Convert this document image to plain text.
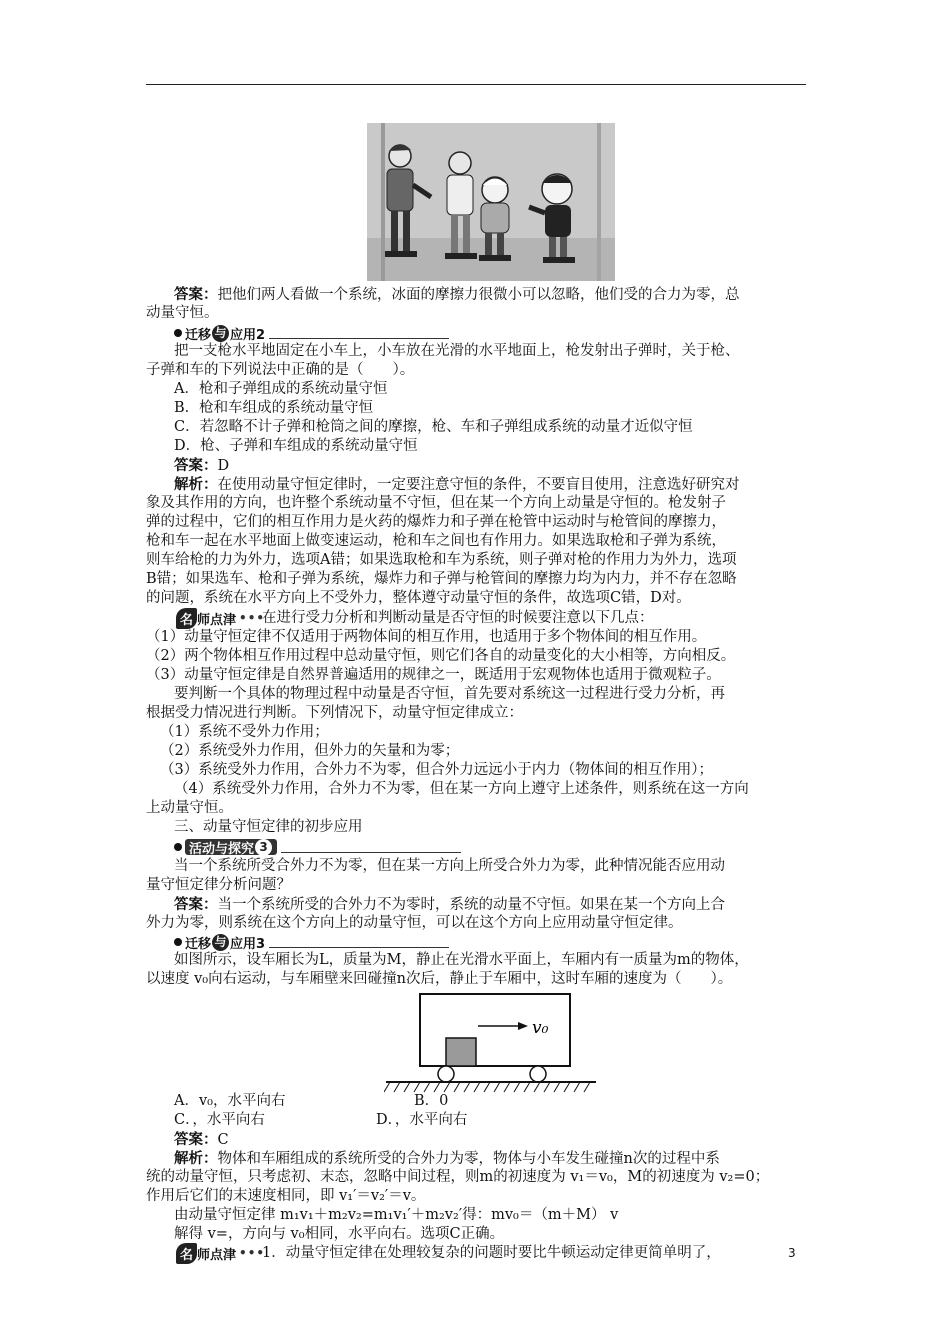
答案：把他们两人看做一个系统，冰面的摩擦力很微小可以忽略，他们受的合力为零，总
动量守恒。
迁移 与 应用2
把一支枪水平地固定在小车上，小车放在光滑的水平地面上，枪发射出子弹时，关于枪、
子弹和车的下列说法中正确的是（　　）。
A．枪和子弹组成的系统动量守恒
B．枪和车组成的系统动量守恒
C．若忽略不计子弹和枪筒之间的摩擦，枪、车和子弹组成系统的动量才近似守恒
D．枪、子弹和车组成的系统动量守恒
答案：D
解析：在使用动量守恒定律时，一定要注意守恒的条件，不要盲目使用，注意选好研究对
象及其作用的方向，也许整个系统动量不守恒，但在某一个方向上动量是守恒的。枪发射子
弹的过程中，它们的相互作用力是火药的爆炸力和子弹在枪管中运动时与枪管间的摩擦力，
枪和车一起在水平地面上做变速运动，枪和车之间也有作用力。如果选取枪和子弹为系统，
则车给枪的力为外力，选项A错；如果选取枪和车为系统，则子弹对枪的作用力为外力，选项
B错；如果选车、枪和子弹为系统，爆炸力和子弹与枪管间的摩擦力均为内力，并不存在忽略
的问题，系统在水平方向上不受外力，整体遵守动量守恒的条件，故选项C错，D对。
名 师点津 •••
在进行受力分析和判断动量是否守恒的时候要注意以下几点：
（1）动量守恒定律不仅适用于两物体间的相互作用，也适用于多个物体间的相互作用。
（2）两个物体相互作用过程中总动量守恒，则它们各自的动量变化的大小相等，方向相反。
（3）动量守恒定律是自然界普遍适用的规律之一，既适用于宏观物体也适用于微观粒子。
要判断一个具体的物理过程中动量是否守恒，首先要对系统这一过程进行受力分析，再
根据受力情况进行判断。下列情况下，动量守恒定律成立：
（1）系统不受外力作用；
（2）系统受外力作用，但外力的矢量和为零；
（3）系统受外力作用，合外力不为零，但合外力远远小于内力（物体间的相互作用）；
（4）系统受外力作用，合外力不为零，但在某一方向上遵守上述条件，则系统在这一方向
上动量守恒。
三、动量守恒定律的初步应用
活动与探究 3
当一个系统所受合外力不为零，但在某一方向上所受合外力为零，此种情况能否应用动
量守恒定律分析问题？
答案：当一个系统所受的合外力不为零时，系统的动量不守恒。如果在某一个方向上合
外力为零，则系统在这个方向上的动量守恒，可以在这个方向上应用动量守恒定律。
迁移 与 应用3
如图所示，设车厢长为L，质量为M，静止在光滑水平面上，车厢内有一质量为m的物体，
以速度 v₀向右运动，与车厢壁来回碰撞n次后，静止于车厢中，这时车厢的速度为（　　）。
v₀
A．v₀，水平向右	B．0
C．，水平向右	D．，水平向右
答案：C
解析：物体和车厢组成的系统所受的合外力为零，物体与小车发生碰撞n次的过程中系
统的动量守恒，只考虑初、末态，忽略中间过程，则m的初速度为 v₁＝v₀，M的初速度为 v₂=0；
作用后它们的末速度相同，即 v₁′＝v₂′＝v。
由动量守恒定律 m₁v₁＋m₂v₂=m₁v₁′＋m₂v₂′得：mv₀＝（m＋M） v
解得 v=，方向与 v₀相同，水平向右。选项C正确。
名 师点津 •••
1．动量守恒定律在处理较复杂的问题时要比牛顿运动定律更简单明了，	3
